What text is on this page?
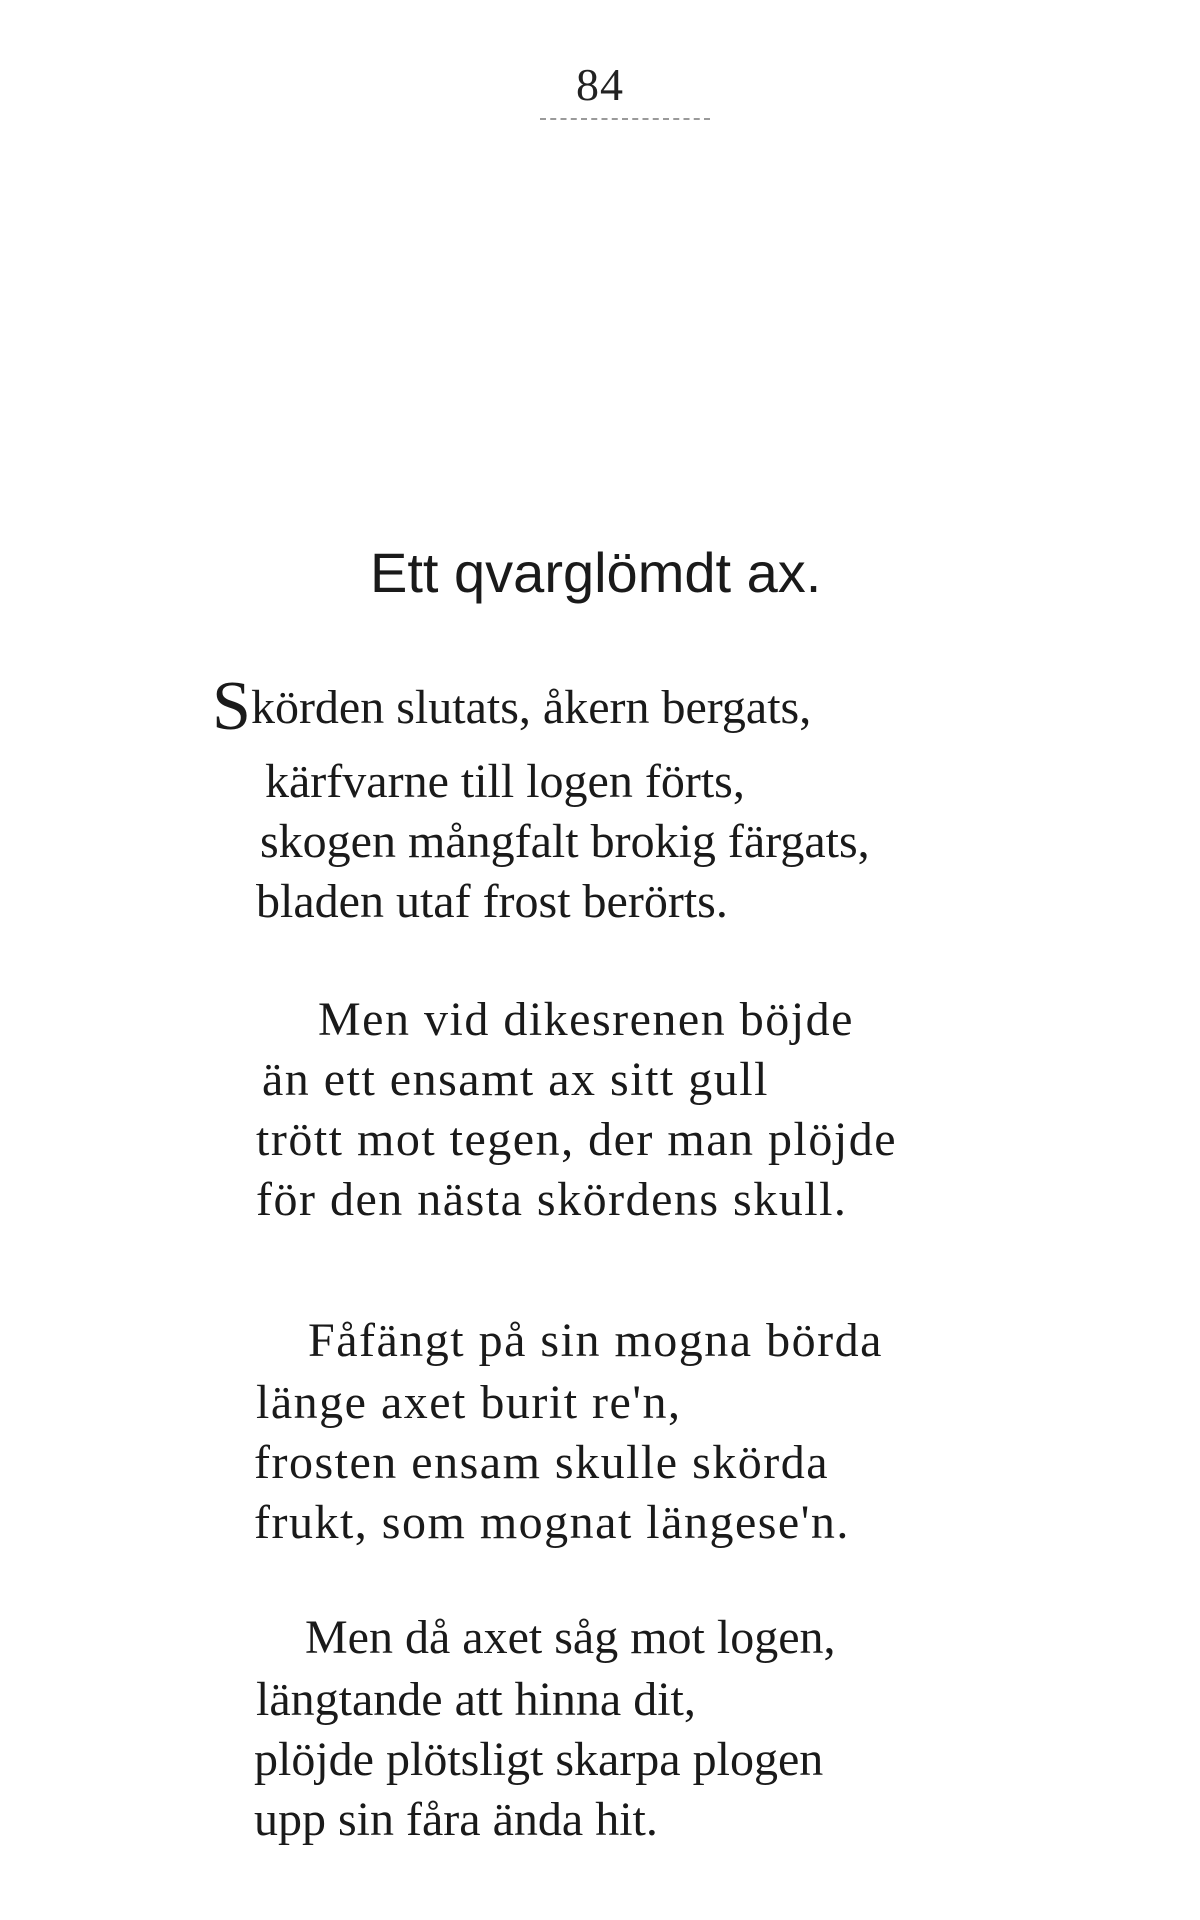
84
Ett qvarglömdt ax.
Skörden slutats, åkern bergats,
kärfvarne till logen förts,
skogen mångfalt brokig färgats,
bladen utaf frost berörts.
Men vid dikesrenen böjde
än ett ensamt ax sitt gull
trött mot tegen, der man plöjde
för den nästa skördens skull.
Fåfängt på sin mogna börda
länge axet burit re'n,
frosten ensam skulle skörda
frukt, som mognat längese'n.
Men då axet såg mot logen,
längtande att hinna dit,
plöjde plötsligt skarpa plogen
upp sin fåra ända hit.
